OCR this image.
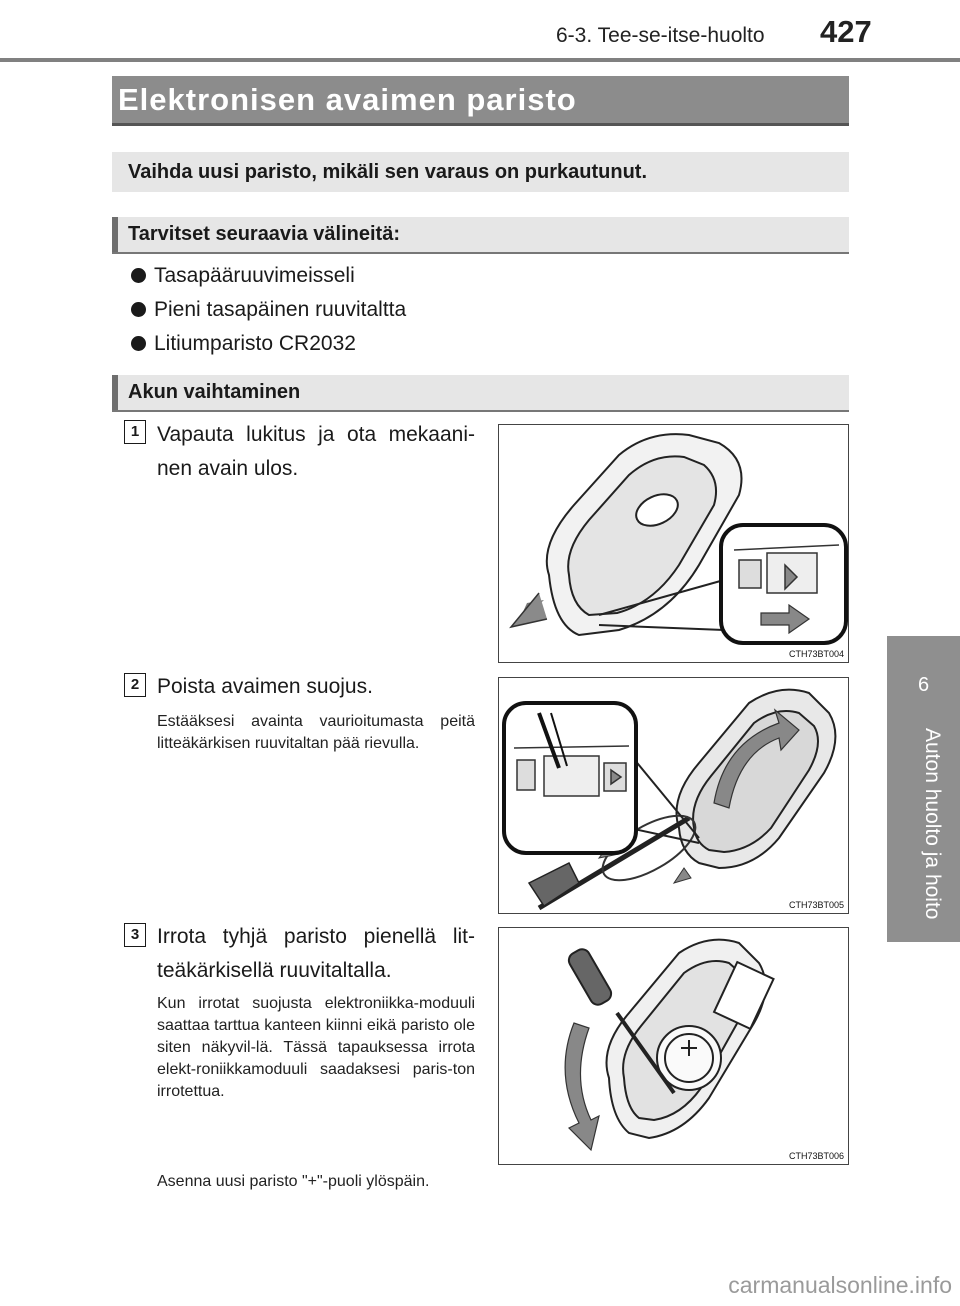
6-3. Tee-se-itse-huolto 427
6
Auton huolto ja hoito
Elektronisen avaimen paristo
Vaihda uusi paristo, mikäli sen varaus on purkautunut.
Tarvitset seuraavia välineitä:
Tasapääruuvimeisseli
Pieni tasapäinen ruuvitaltta
Litiumparisto CR2032
Akun vaihtaminen
1 Vapauta lukitus ja ota mekaani-nen avain ulos.
CTH73BT004
2 Poista avaimen suojus.
Estääksesi avainta vaurioitumasta peitä litteäkärkisen ruuvitaltan pää rievulla.
CTH73BT005
3 Irrota tyhjä paristo pienellä lit-teäkärkisellä ruuvitaltalla.
Kun irrotat suojusta elektroniikka-moduuli saattaa tarttua kanteen kiinni eikä paristo ole siten näkyvil-lä. Tässä tapauksessa irrota elekt-roniikkamoduuli saadaksesi paris-ton irrotettua.
CTH73BT006
Asenna uusi paristo "+"-puoli ylöspäin.
carmanualsonline.info
